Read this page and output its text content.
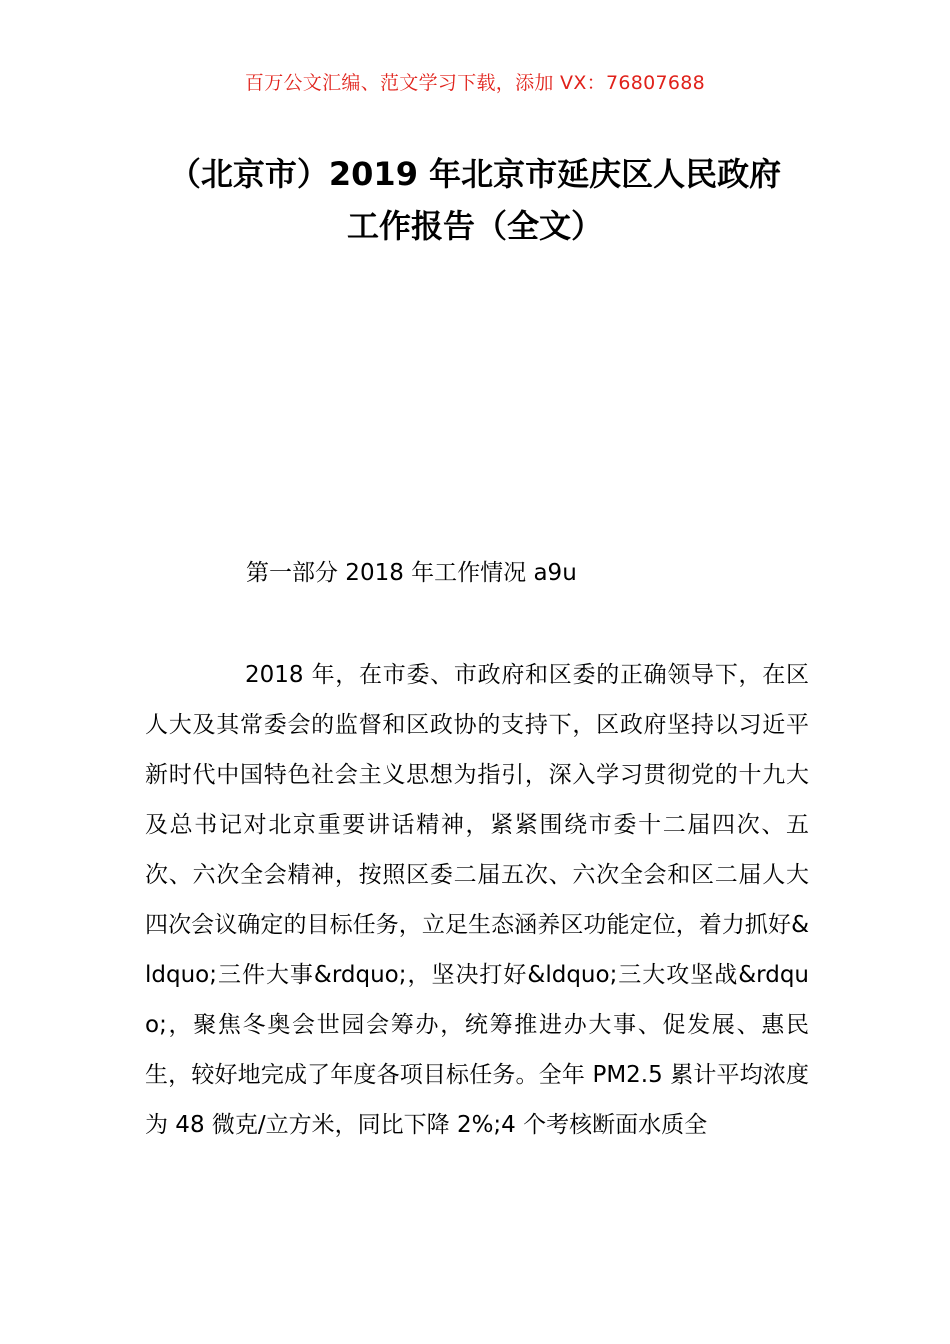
百万公文汇编、范文学习下载，添加 VX：76807688
（北京市）2019 年北京市延庆区人民政府
工作报告（全文）
第一部分 2018 年工作情况 a9u

2018 年，在市委、市政府和区委的正确领导下，在区人大及其常委会的监督和区政协的支持下，区政府坚持以习近平新时代中国特色社会主义思想为指引，深入学习贯彻党的十九大及总书记对北京重要讲话精神，紧紧围绕市委十二届四次、五次、六次全会精神，按照区委二届五次、六次全会和区二届人大四次会议确定的目标任务，立足生态涵养区功能定位，着力抓好&ldquo;三件大事&rdquo;，坚决打好&ldquo;三大攻坚战&rdquo;，聚焦冬奥会世园会筹办，统筹推进办大事、促发展、惠民生，较好地完成了年度各项目标任务。全年 PM2.5 累计平均浓度为 48 微克/立方米，同比下降 2%;4 个考核断面水质全
